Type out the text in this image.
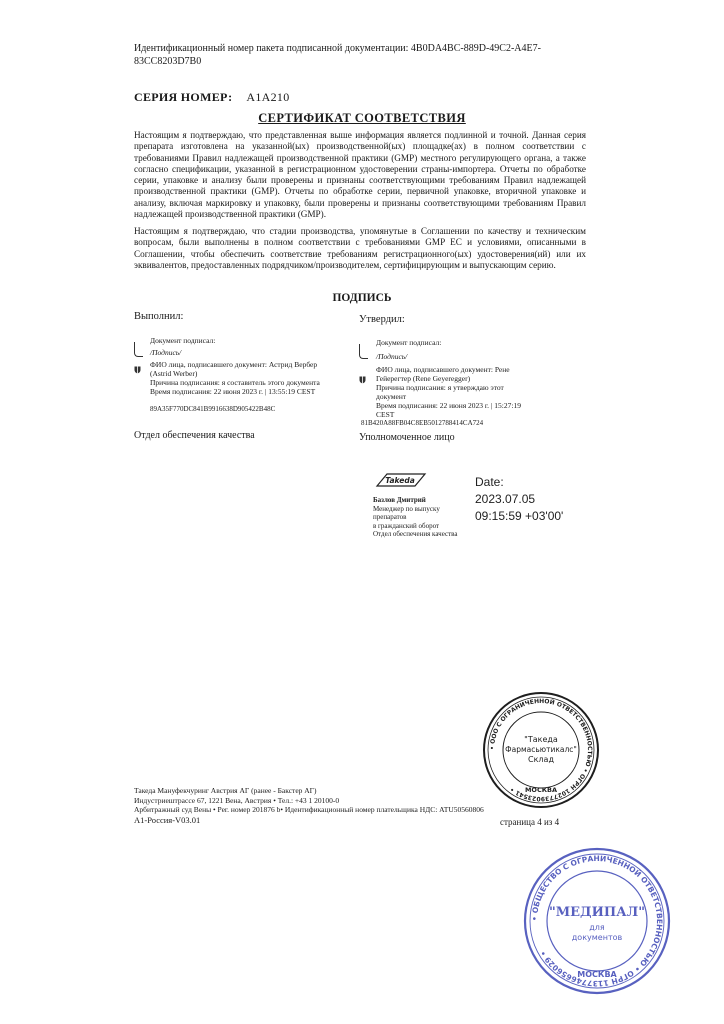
Идентификационный номер пакета подписанной документации: 4B0DA4BC-889D-49C2-A4E7-83CC8203D7B0
СЕРИЯ НОМЕР: A1A210
СЕРТИФИКАТ СООТВЕТСТВИЯ
Настоящим я подтверждаю, что представленная выше информация является подлинной и точной. Данная серия препарата изготовлена на указанной(ых) производственной(ых) площадке(ах) в полном соответствии с требованиями Правил надлежащей производственной практики (GMP) местного регулирующего органа, а также согласно спецификации, указанной в регистрационном удостоверении страны-импортера. Отчеты по обработке серии, упаковке и анализу были проверены и признаны соответствующими требованиям Правил надлежащей производственной практики (GMP). Отчеты по обработке серии, первичной упаковке, вторичной упаковке и анализу, включая маркировку и упаковку, были проверены и признаны соответствующими требованиям Правил надлежащей производственной практики (GMP).
Настоящим я подтверждаю, что стадии производства, упомянутые в Соглашении по качеству и техническим вопросам, были выполнены в полном соответствии с требованиями GMP ЕС и условиями, описанными в Соглашении, чтобы обеспечить соответствие требованиям регистрационного(ых) удостоверения(ий) или их эквивалентов, предоставленных подрядчиком/производителем, сертифицирующим и выпускающим серию.
ПОДПИСЬ
Выполнил:
Документ подписал:
/Подпись/
ФИО лица, подписавшего документ: Астрид Вербер (Astrid Werber)
Причина подписания: я составитель этого документа
Время подписания: 22 июня 2023 г. | 13:55:19 CEST
89A35F770DC841B9916638D905422B48C
Отдел обеспечения качества
Утвердил:
Документ подписал:
/Подпись/
ФИО лица, подписавшего документ: Рене Гейерегтер (Rene Geyeregger)
Причина подписания: я утверждаю этот документ
Время подписания: 22 июня 2023 г. | 15:27:19 CEST
81B420A88FB04C8EB5012788414CA724
Уполномоченное лицо
Takeda
Базлов Дмитрий
Менеджер по выпуску препаратов
в гражданский оборот
Отдел обеспечения качества
Date:
2023.07.05
09:15:59 +03'00'
• ООО С ОГРАНИЧЕННОЙ ОТВЕТСТВЕННОСТЬЮ • ОГРН 1027739023541 •	МОСКВА
"Такеда
Фармасьютикалс"
Склад
Такеда Мануфекчуринг Австрия АГ (ранее - Бакстер АГ)
Индустриештрассе 67, 1221 Вена, Австрия • Тел.: +43 1 20100-0
Арбитражный суд Вены • Рег. номер 201876 b• Идентификационный номер плательщика НДС: ATU50560806
A1-Россия-V03.01	страница 4 из 4
• ОБЩЕСТВО С ОГРАНИЧЕННОЙ ОТВЕТСТВЕННОСТЬЮ • ОГРН 1137746656029 •
МОСКВА
"МЕДИПАЛ"
для
документов
